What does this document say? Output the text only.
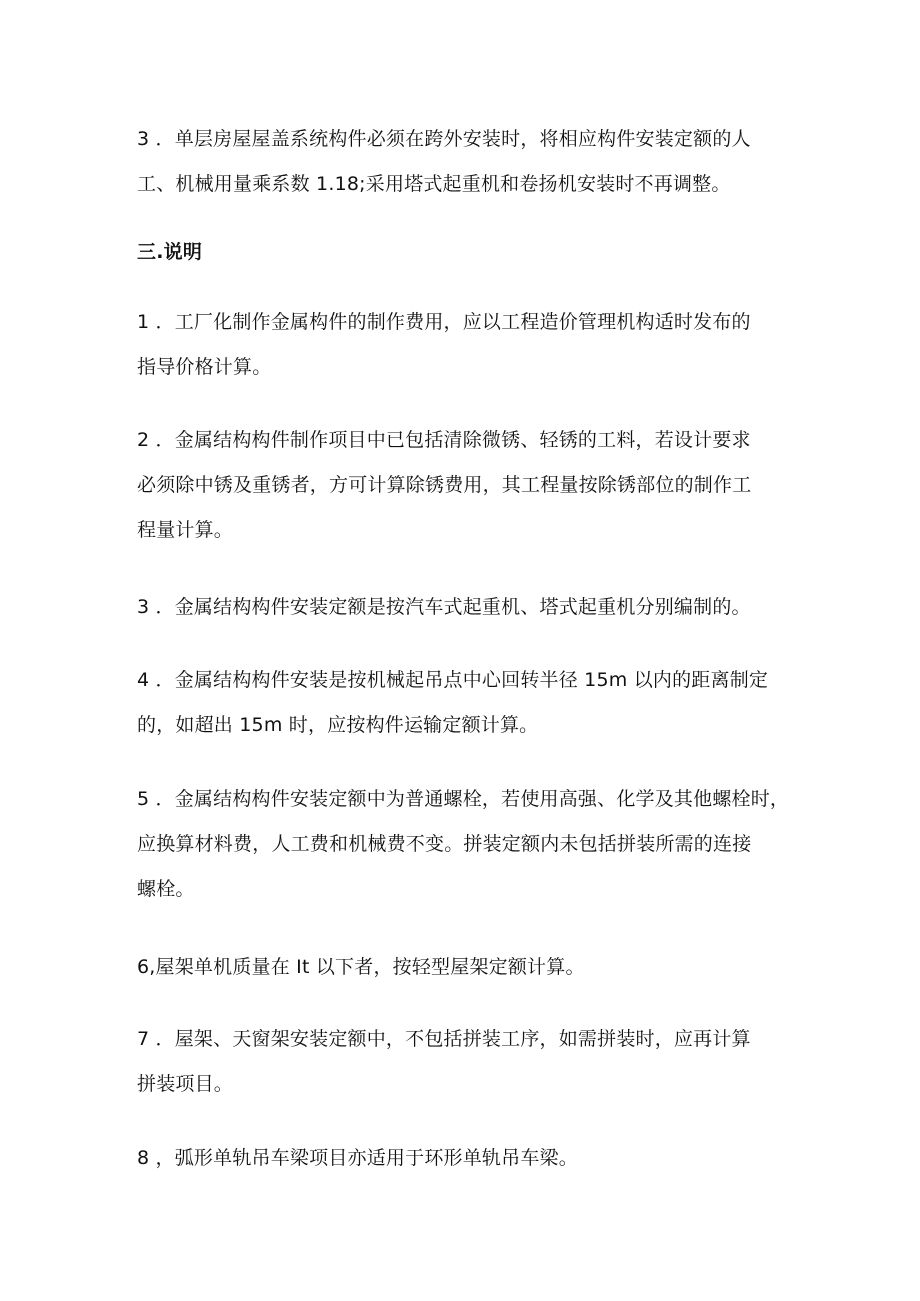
3 ．单层房屋屋盖系统构件必须在跨外安装时，将相应构件安装定额的人
工、机械用量乘系数 1.18;采用塔式起重机和卷扬机安装时不再调整。

三.说明

1 ．工厂化制作金属构件的制作费用，应以工程造价管理机构适时发布的
指导价格计算。

2 ．金属结构构件制作项目中已包括清除微锈、轻锈的工料，若设计要求
必须除中锈及重锈者，方可计算除锈费用，其工程量按除锈部位的制作工
程量计算。

3 ．金属结构构件安装定额是按汽车式起重机、塔式起重机分别编制的。

4 ．金属结构构件安装是按机械起吊点中心回转半径 15m 以内的距离制定
的，如超出 15m 时，应按构件运输定额计算。

5 ．金属结构构件安装定额中为普通螺栓，若使用高强、化学及其他螺栓时，
应换算材料费，人工费和机械费不变。拼装定额内未包括拼装所需的连接
螺栓。

6,屋架单机质量在 It 以下者，按轻型屋架定额计算。

7 ．屋架、天窗架安装定额中，不包括拼装工序，如需拼装时，应再计算
拼装项目。

8 ，弧形单轨吊车梁项目亦适用于环形单轨吊车梁。
